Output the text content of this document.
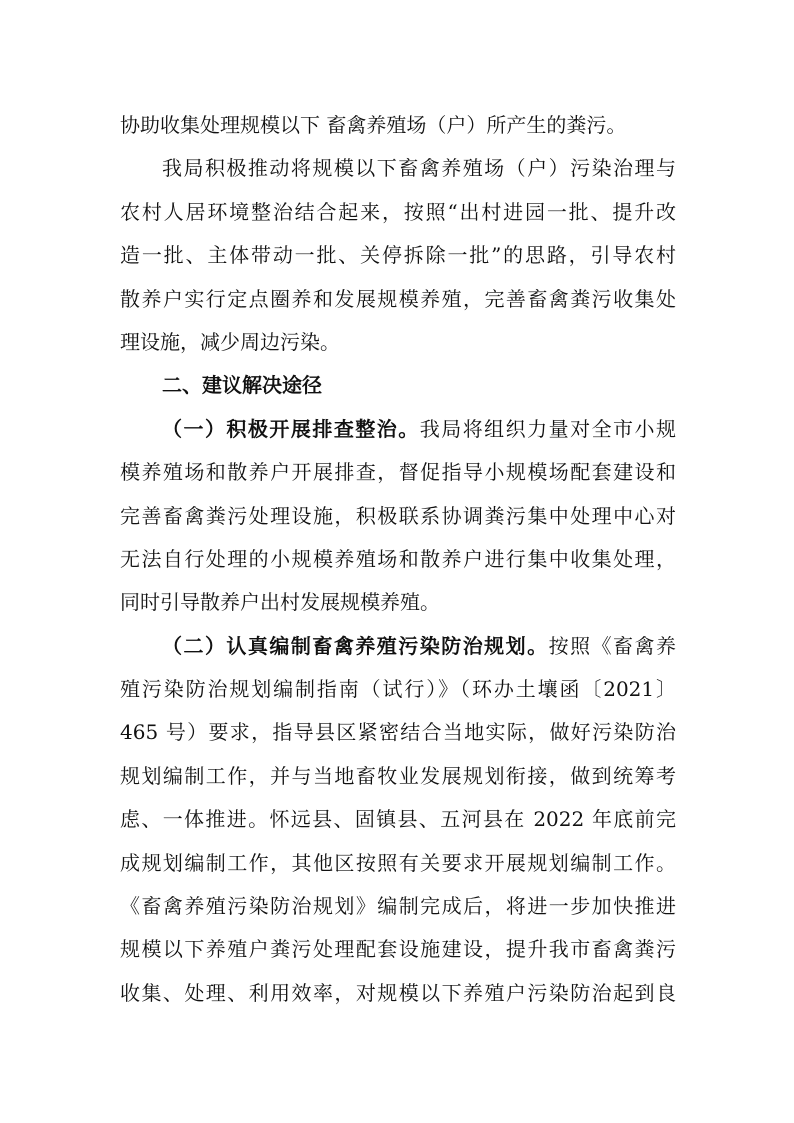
协助收集处理规模以下 畜禽养殖场（户）所产生的粪污。
我局积极推动将规模以下畜禽养殖场（户）污染治理与
农村人居环境整治结合起来，按照“出村进园一批、提升改
造一批、主体带动一批、关停拆除一批”的思路，引导农村
散养户实行定点圈养和发展规模养殖，完善畜禽粪污收集处
理设施，减少周边污染。
二、建议解决途径
（一）积极开展排查整治。我局将组织力量对全市小规
模养殖场和散养户开展排查，督促指导小规模场配套建设和
完善畜禽粪污处理设施，积极联系协调粪污集中处理中心对
无法自行处理的小规模养殖场和散养户进行集中收集处理，
同时引导散养户出村发展规模养殖。
（二）认真编制畜禽养殖污染防治规划。按照《畜禽养
殖污染防治规划编制指南（试行）》（环办土壤函〔2021〕
465 号）要求，指导县区紧密结合当地实际，做好污染防治
规划编制工作，并与当地畜牧业发展规划衔接，做到统筹考
虑、一体推进。怀远县、固镇县、五河县在 2022 年底前完
成规划编制工作，其他区按照有关要求开展规划编制工作。
《畜禽养殖污染防治规划》编制完成后，将进一步加快推进
规模以下养殖户粪污处理配套设施建设，提升我市畜禽粪污
收集、处理、利用效率，对规模以下养殖户污染防治起到良
